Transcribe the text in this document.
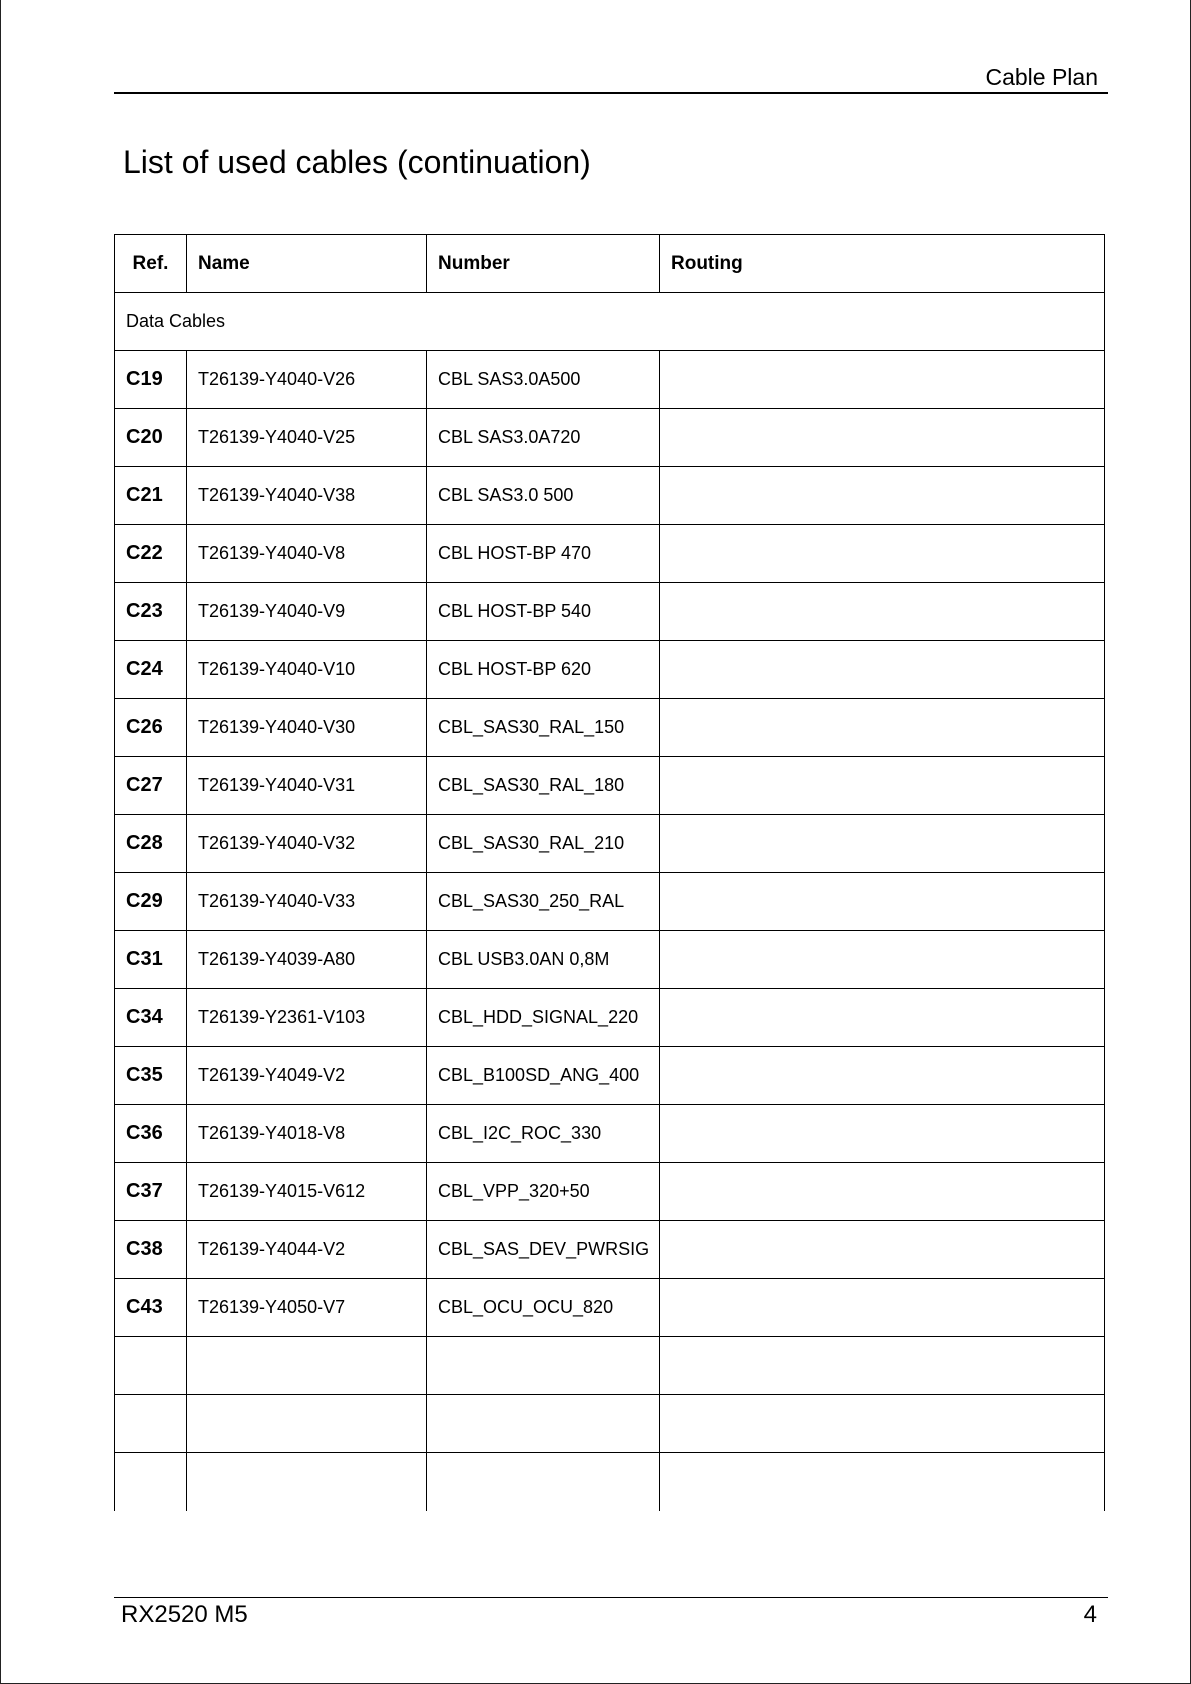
Cable Plan
List of used cables (continuation)
Ref.	Name	Number	Routing
Data Cables			
C19	T26139-Y4040-V26	CBL SAS3.0A500	
C20	T26139-Y4040-V25	CBL SAS3.0A720	
C21	T26139-Y4040-V38	CBL SAS3.0 500	
C22	T26139-Y4040-V8	CBL HOST-BP 470	
C23	T26139-Y4040-V9	CBL HOST-BP 540	
C24	T26139-Y4040-V10	CBL HOST-BP 620	
C26	T26139-Y4040-V30	CBL_SAS30_RAL_150	
C27	T26139-Y4040-V31	CBL_SAS30_RAL_180	
C28	T26139-Y4040-V32	CBL_SAS30_RAL_210	
C29	T26139-Y4040-V33	CBL_SAS30_250_RAL	
C31	T26139-Y4039-A80	CBL USB3.0AN 0,8M	
C34	T26139-Y2361-V103	CBL_HDD_SIGNAL_220	
C35	T26139-Y4049-V2	CBL_B100SD_ANG_400	
C36	T26139-Y4018-V8	CBL_I2C_ROC_330	
C37	T26139-Y4015-V612	CBL_VPP_320+50	
C38	T26139-Y4044-V2	CBL_SAS_DEV_PWRSIG	
C43	T26139-Y4050-V7	CBL_OCU_OCU_820	

RX2520 M5	4
